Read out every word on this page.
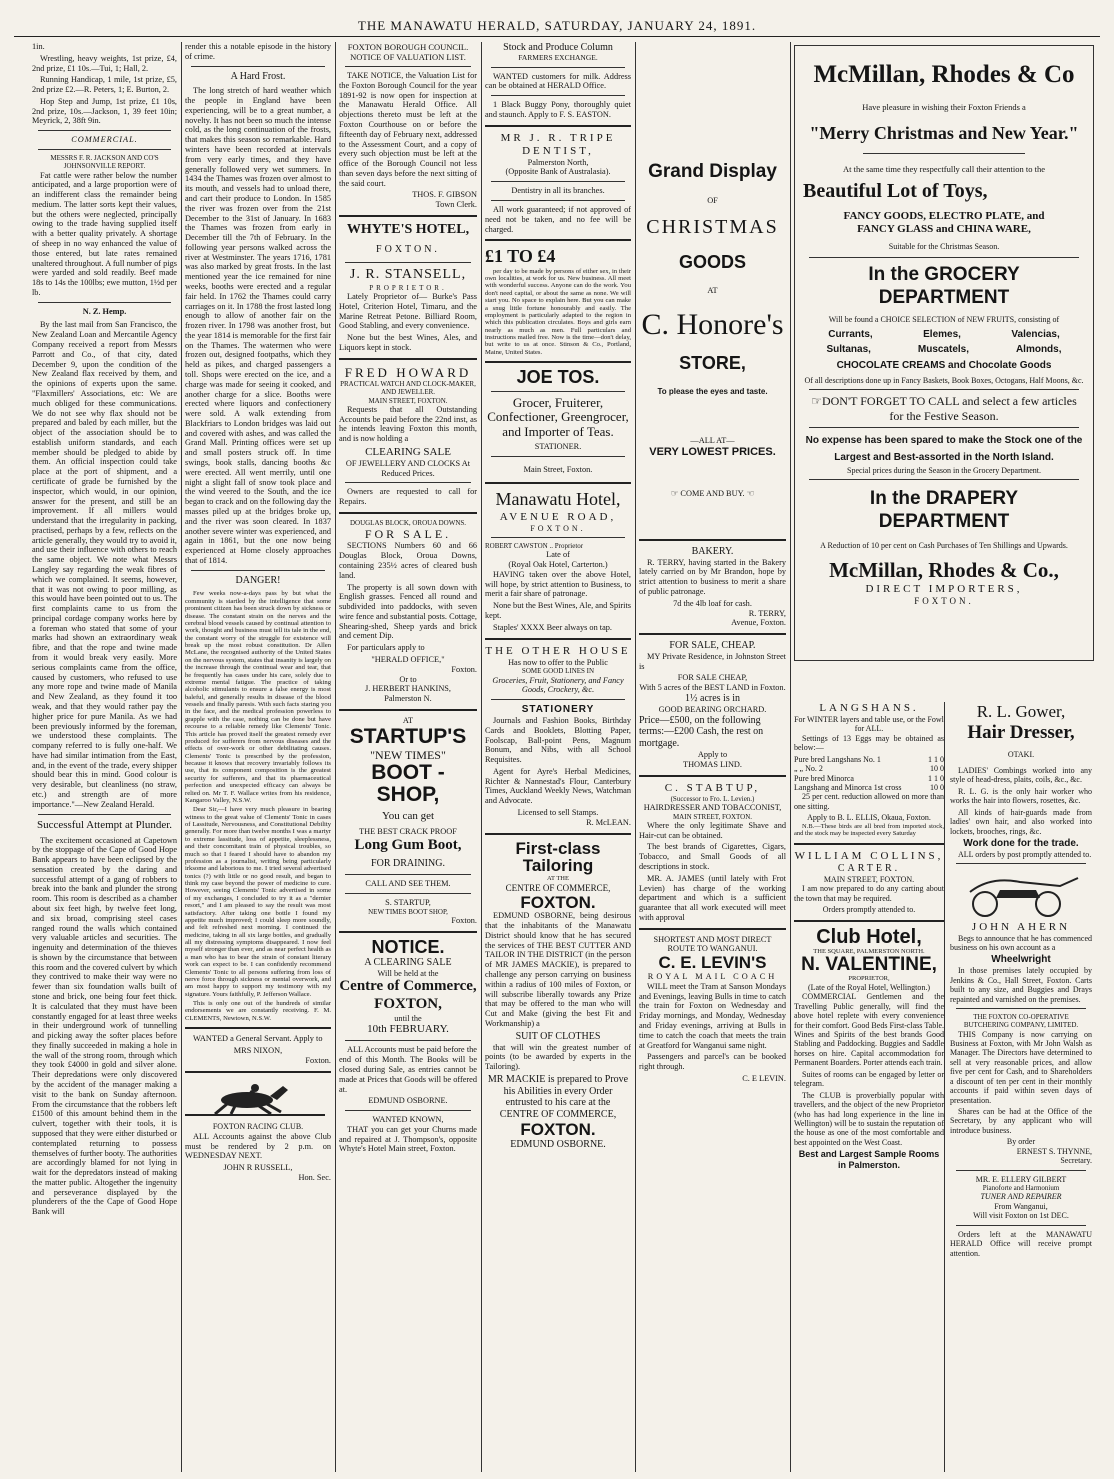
THE MANAWATU HERALD, SATURDAY, JANUARY 24, 1891.

1in.

Wrestling, heavy weights, 1st prize, £4, 2nd prize, £1 10s.—Tui, 1; Hall, 2.

Running Handicap, 1 mile, 1st prize, £5, 2nd prize £2.—R. Peters, 1; E. Burton, 2.

Hop Step and Jump, 1st prize, £1 10s, 2nd prize, 10s.—Jackson, 1, 39 feet 10in; Meyrick, 2, 38ft 9in.

COMMERCIAL.
MESSRS F. R. JACKSON AND CO'S JOHNSONVILLE REPORT.

Fat cattle were rather below the number anticipated, and a large proportion were of an indifferent class the remainder being medium. The latter sorts kept their values, but the others were neglected, principally owing to the trade having supplied itself with a better quality privately. A shortage of sheep in no way enhanced the value of those entered, but late rates remained unaltered throughout. A full number of pigs were yarded and sold readily. Beef made 18s to 14s the 100lbs; ewe mutton, 1½d per lb.

N. Z. Hemp.

By the last mail from San Francisco, the New Zealand Loan and Mercantile Agency Company received a report from Messrs Parrott and Co., of that city, dated December 9, upon the condition of the New Zealand flax received by them, and the opinions of experts upon the same. "Flaxmillers' Associations, etc: We are much obliged for these communications. We do not see why flax should not be prepared and baled by each miller, but the object of the association should be to establish uniform standards, and each member should be pledged to abide by them. An official inspection could take place at the port of shipment, and a certificate of grade be furnished by the inspector, which would, in our opinion, answer for the present, and still be an improvement. If all millers would understand that the irregularity in packing, practised, perhaps by a few, reflects on the article generally, they would try to avoid it, and use their influence with others to reach the same object. We note what Messrs Langley say regarding the weak fibres of which we complained. It seems, however, that it was not owing to poor milling, as this would have been pointed out to us. The first complaints came to us from the principal cordage company works here by a foreman who stated that some of your marks had shown an extraordinary weak fibre, and that the rope and twine made from it would break very easily. More serious complaints came from the office, caused by customers, who refused to use any more rope and twine made of Manila and New Zealand, as they found it too weak, and that they would rather pay the higher price for pure Manila. As we had been previously informed by the foreman, we understood these complaints. The company referred to is fully one-half. We have had similar intimation from the East, and, in the event of the trade, every shipper should bear this in mind. Good colour is very desirable, but cleanliness (no straw, etc.) and strength are of more importance."—New Zealand Herald.

Successful Attempt at Plunder.

The excitement occasioned at Capetown by the stoppage of the Cape of Good Hope Bank appears to have been eclipsed by the sensation created by the daring and successful attempt of a gang of robbers to break into the bank and plunder the strong room. This room is described as a chamber about six feet high, by twelve feet long, and six broad, comprising steel cases ranged round the walls which contained very valuable articles and securities. The ingenuity and determination of the thieves is shown by the circumstance that between this room and the covered culvert by which they contrived to make their way were no fewer than six foundation walls built of stone and brick, one being four feet thick. It is calculated that they must have been constantly engaged for at least three weeks in their underground work of tunnelling and picking away the softer places before they finally succeeded in making a hole in the wall of the strong room, through which they took £4000 in gold and silver alone. Their depredations were only discovered by the accident of the manager making a visit to the bank on Sunday afternoon. From the circumstance that the robbers left £1500 of this amount behind them in the culvert, together with their tools, it is supposed that they were either disturbed or contemplated returning to possess themselves of further booty. The authorities are accordingly blamed for not lying in wait for the depredators instead of making the matter public. Altogether the ingenuity and perseverance displayed by the plunderers of the the Cape of Good Hope Bank will

render this a notable episode in the history of crime.

A Hard Frost.

The long stretch of hard weather which the people in England have been experiencing, will be to a great number, a novelty. It has not been so much the intense cold, as the long continuation of the frosts, that makes this season so remarkable. Hard winters have been recorded at intervals from very early times, and they have generally followed very wet summers. In 1434 the Thames was frozen over almost to its mouth, and vessels had to unload there, and cart their produce to London. In 1585 the river was frozen over from the 21st December to the 31st of January. In 1683 the Thames was frozen from early in December till the 7th of February. In the following year persons walked across the river at Westminster. The years 1716, 1781 was also marked by great frosts. In the last mentioned year the ice remained for nine weeks, booths were erected and a regular fair held. In 1762 the Thames could carry carriages on it. In 1788 the frost lasted long enough to allow of another fair on the frozen river. In 1798 was another frost, but the year 1814 is memorable for the first fair on the Thames. The watermen who were frozen out, designed footpaths, which they held as pikes, and charged passengers a toll. Shops were erected on the ice, and a charge was made for seeing it cooked, and another charge for a slice. Booths were erected where liquors and confectionery were sold. A walk extending from Blackfriars to London bridges was laid out and covered with ashes, and was called the Grand Mall. Printing offices were set up and small posters struck off. In time swings, book stalls, dancing booths &c were erected. All went merrily, until one night a slight fall of snow took place and the wind veered to the South, and the ice began to crack and on the following day the masses piled up at the bridges broke up, and the river was soon cleared. In 1837 another severe winter was experienced, and again in 1861, but the one now being experienced at Home closely approaches that of 1814.

DANGER!

Few weeks now-a-days pass by but what the community is startled by the intelligence that some prominent citizen has been struck down by sickness or disease. The constant strain on the nerves and the cerebral blood vessels caused by continual attention to work, thought and business must tell its tale in the end, the constant worry of the struggle for existence will break up the most robust constitution. Dr Allen McLane, the recognised authority of the United States on the nervous system, states that insanity is largely on the increase through the continual wear and tear, that he frequently has cases under his care, solely due to extreme mental fatigue. The practice of taking alcoholic stimulants to ensure a false energy is most baleful, and generally results in disease of the blood vessels and finally paresis. With such facts staring you in the face, and the medical profession powerless to grapple with the case, nothing can be done but have recourse to a reliable remedy like Clements' Tonic. This article has proved itself the greatest remedy ever produced for sufferers from nervous diseases and the effects of over-work or other debilitating causes. Clements' Tonic is prescribed by the profession, because it knows that recovery invariably follows its use, that its component composition is the greatest security for sufferers, and that its pharmaceutical perfection and unexpected efficacy can always be relied on. Mr T. F. Wallace writes from his residence, Kangaroo Valley, N.S.W.

Dear Sir,—I have very much pleasure in bearing witness to the great value of Clements' Tonic in cases of Lassitude, Nervousness, and Constitutional Debility generally. For more than twelve months I was a martyr to extreme lassitude, loss of appetite, sleeplessness, and their concomitant train of physical troubles, so much so that I feared I should have to abandon my profession as a journalist, writing being particularly irksome and laborious to me. I tried several advertised tonics (?) with little or no good result, and began to think my case beyond the power of medicine to cure. However, seeing Clements' Tonic advertised in some of my exchanges, I concluded to try it as a "dernier resort," and I am pleased to say the result was most satisfactory. After taking one bottle I found my appetite much improved; I could sleep more soundly, and felt refreshed next morning. I continued the medicine, taking in all six large bottles, and gradually all my distressing symptoms disappeared. I now feel myself stronger than ever, and as near perfect health as a man who has to bear the strain of constant literary work can expect to be. I can confidently recommend Clements' Tonic to all persons suffering from loss of nerve force through sickness or mental overwork, and am most happy to support my testimony with my signature. Yours faithfully, P. Jefferson Wallace.

This is only one out of the hundreds of similar endorsements we are constantly receiving. F. M. CLEMENTS, Newtown, N.S.W.

WANTED a General Servant. Apply to

MRS NIXON,
Foxton.
FOXTON RACING CLUB.

ALL Accounts against the above Club must be rendered by 2 p.m. on WEDNESDAY NEXT.

JOHN R RUSSELL,
Hon. Sec.
FOXTON BOROUGH COUNCIL. NOTICE OF VALUATION LIST.

TAKE NOTICE, the Valuation List for the Foxton Borough Council for the year 1891-92 is now open for inspection at the Manawatu Herald Office. All objections thereto must be left at the Foxton Courthouse on or before the fifteenth day of February next, addressed to the Assessment Court, and a copy of every such objection must be left at the office of the Borough Council not less than seven days before the next sitting of the said court.

THOS. F. GIBSON
Town Clerk.
WHYTE'S HOTEL,
FOXTON.
J. R. STANSELL,
PROPRIETOR.

Lately Proprietor of— Burke's Pass Hotel, Criterion Hotel, Timaru, and the Marine Retreat Petone. Billiard Room, Good Stabling, and every convenience.

None but the best Wines, Ales, and Liquors kept in stock.

FRED HOWARD
PRACTICAL WATCH AND CLOCK-MAKER, AND JEWELLER.
MAIN STREET, FOXTON.

Requests that all Outstanding Accounts be paid before the 22nd inst, as he intends leaving Foxton this month, and is now holding a

CLEARING SALE
OF JEWELLERY AND CLOCKS At Reduced Prices.

Owners are requested to call for Repairs.

DOUGLAS BLOCK, OROUA DOWNS.
FOR SALE.

SECTIONS Numbers 60 and 66 Douglas Block, Oroua Downs, containing 235½ acres of cleared bush land.

The property is all sown down with English grasses. Fenced all round and subdivided into paddocks, with seven wire fence and substantial posts. Cottage, Shearing-shed, Sheep yards and brick and cement Dip.

For particulars apply to

"HERALD OFFICE,"
Foxton.
Or to
J. HERBERT HANKINS,
Palmerston N.
AT
STARTUP'S
"NEW TIMES"
BOOT - SHOP,
You can get
THE BEST CRACK PROOF
Long Gum Boot,
FOR DRAINING.
CALL AND SEE THEM.
S. STARTUP,
NEW TIMES BOOT SHOP,
Foxton.
NOTICE.
A CLEARING SALE
Will be held at the
Centre of Commerce,
FOXTON,
until the
10th FEBRUARY.

ALL Accounts must be paid before the end of this Month. The Books will be closed during Sale, as entries cannot be made at Prices that Goods will be offered at.

EDMUND OSBORNE.
WANTED KNOWN,

THAT you can get your Churns made and repaired at J. Thompson's, opposite Whyte's Hotel Main street, Foxton.

Stock and Produce Column
FARMERS EXCHANGE.

WANTED customers for milk. Address can be obtained at HERALD Office.

1 Black Buggy Pony, thoroughly quiet and staunch. Apply to F. S. EASTON.

MR J. R. TRIPE
DENTIST,
Palmerston North,
(Opposite Bank of Australasia).
Dentistry in all its branches.

All work guaranteed; if not approved of need not be taken, and no fee will be charged.

£1 TO £4

per day to be made by persons of either sex, in their own localities, at work for us. New business. All meet with wonderful success. Anyone can do the work. You don't need capital, or about the same as none. We will start you. No space to explain here. But you can make a snug little fortune honourably and easily. The employment is particularly adapted to the region in which this publication circulates. Boys and girls earn nearly as much as men. Full particulars and instructions mailed free. Now is the time—don't delay, but write to us at once. Stinson & Co., Portland, Maine, United States.

JOE TOS.
Grocer, Fruiterer, Confectioner, Greengrocer, and Importer of Teas.
STATIONER.
Main Street, Foxton.
Manawatu Hotel,
AVENUE ROAD,
FOXTON.
ROBERT CAWSTON .. Proprietor
Late of
(Royal Oak Hotel, Carterton.)

HAVING taken over the above Hotel, will hope, by strict attention to Business, to merit a fair share of patronage.

None but the Best Wines, Ale, and Spirits kept.

Staples' XXXX Beer always on tap.

THE OTHER HOUSE
Has now to offer to the Public
SOME GOOD LINES IN
Groceries, Fruit, Stationery, and Fancy Goods, Crockery, &c.
STATIONERY

Journals and Fashion Books, Birthday Cards and Booklets, Blotting Paper, Foolscap, Ball-point Pens, Magnum Bonum, and Nibs, with all School Requisites.

Agent for Ayre's Herbal Medicines, Richter & Nannestad's Flour, Canterbury Times, Auckland Weekly News, Watchman and Advocate.

Licensed to sell Stamps.
R. McLEAN.
First-class Tailoring
AT THE
CENTRE OF COMMERCE,
FOXTON.

EDMUND OSBORNE, being desirous that the inhabitants of the Manawatu District should know that he has secured the services of THE BEST CUTTER AND TAILOR IN THE DISTRICT (in the person of MR JAMES MACKIE), is prepared to challenge any person carrying on business within a radius of 100 miles of Foxton, or will subscribe liberally towards any Prize that may be offered to the man who will Cut and Make (giving the best Fit and Workmanship) a

SUIT OF CLOTHES

that will win the greatest number of points (to be awarded by experts in the Tailoring).

MR MACKIE is prepared to Prove his Abilities in every Order entrusted to his care at the
CENTRE OF COMMERCE,
FOXTON.
EDMUND OSBORNE.
Grand Display
OF
CHRISTMAS
GOODS
AT
C. Honore's
STORE,
To please the eyes and taste.
—ALL AT—
VERY LOWEST PRICES.
☞ COME AND BUY. ☜
BAKERY.

R. TERRY, having started in the Bakery lately carried on by Mr Brandon, hope by strict attention to business to merit a share of public patronage.

7d the 4lb loaf for cash.
R. TERRY,
Avenue, Foxton.
FOR SALE, CHEAP.

MY Private Residence, in Johnston Street is

FOR SALE CHEAP,
With 5 acres of the BEST LAND in Foxton.
1½ acres is in
GOOD BEARING ORCHARD.
Price—£500, on the following terms:—£200 Cash, the rest on mortgage.
Apply to
THOMAS LIND.
C. STABTUP,
(Successor to Fro. L. Levien.)
HAIRDRESSER AND TOBACCONIST,
MAIN STREET, FOXTON.

Where the only legitimate Shave and Hair-cut can be obtained.

The best brands of Cigarettes, Cigars, Tobacco, and Small Goods of all descriptions in stock.

MR. A. JAMES (until lately with Frot Levien) has charge of the working department and which is a sufficient guarantee that all work executed will meet with approval

SHORTEST AND MOST DIRECT ROUTE TO WANGANUI.
C. E. LEVIN'S
ROYAL MAIL COACH

WILL meet the Tram at Sanson Mondays and Evenings, leaving Bulls in time to catch the train for Foxton on Wednesday and Friday mornings, and Monday, Wednesday and Friday evenings, arriving at Bulls in time to catch the coach that meets the train at Greatford for Wanganui same night.

Passengers and parcel's can be booked right through.

C. E LEVIN.
McMillan, Rhodes & Co
Have pleasure in wishing their Foxton Friends a
"Merry Christmas and New Year."
At the same time they respectfully call their attention to the
Beautiful Lot of Toys,
FANCY GOODS, ELECTRO PLATE, and
FANCY GLASS and CHINA WARE,
Suitable for the Christmas Season.
In the GROCERY DEPARTMENT
Will be found a CHOICE SELECTION of NEW FRUITS, consisting of
Currants,	Elemes,	Valencias,
Sultanas,	Muscatels,	Almonds,
CHOCOLATE CREAMS and Chocolate Goods
Of all descriptions done up in Fancy Baskets, Book Boxes, Octogans, Half Moons, &c.
☞DON'T FORGET TO CALL and select a few articles for the Festive Season.
No expense has been spared to make the Stock one of the Largest and Best-assorted in the North Island.
Special prices during the Season in the Grocery Department.
In the DRAPERY DEPARTMENT
A Reduction of 10 per cent on Cash Purchases of Ten Shillings and Upwards.
McMillan, Rhodes & Co.,
DIRECT IMPORTERS,
FOXTON.
LANGSHANS.
For WINTER layers and table use, or the Fowl for ALL.

Settings of 13 Eggs may be obtained as below:—

Pure bred Langshans No. 1	1 1 0
„ „ No. 2	10 0
Pure bred Minorca	1 1 0
Langshang and Minorca 1st cross	10 0

25 per cent. reduction allowed on more than one sitting.

Apply to B. L. ELLIS, Okaua, Foxton.

N.B.—These birds are all bred from imported stock, and the stock may be inspected every Saturday

WILLIAM COLLINS,
CARTER.
MAIN STREET, FOXTON.

I am now prepared to do any carting about the town that may be required.

Orders promptly attended to.
Club Hotel,
THE SQUARE, PALMERSTON NORTH.
N. VALENTINE,
PROPRIETOR,
(Late of the Royal Hotel, Wellington.)

COMMERCIAL Gentlemen and the Travelling Public generally, will find the above hotel replete with every convenience for their comfort. Good Beds First-class Table. Wines and Spirits of the best brands Good Stabling and Paddocking. Buggies and Saddle horses on hire. Capital accommodation for Permanent Boarders. Porter attends each train.

Suites of rooms can be engaged by letter or telegram.

The CLUB is proverbially popular with travellers, and the object of the new Proprietor (who has had long experience in the line in Wellington) will be to sustain the reputation of the house as one of the most comfortable and best appointed on the West Coast.

Best and Largest Sample Rooms in Palmerston.
R. L. Gower,
Hair Dresser,
OTAKI.

LADIES' Combings worked into any style of head-dress, plaits, coils, &c., &c.

R. L. G. is the only hair worker who works the hair into flowers, rosettes, &c.

All kinds of hair-guards made from ladies' own hair, and also worked into lockets, brooches, rings, &c.

Work done for the trade.

ALL orders by post promptly attended to.

JOHN AHERN

Begs to announce that he has commenced business on his own account as a

Wheelwright

In those premises lately occupied by Jenkins & Co., Hall Street, Foxton. Carts built to any size, and Buggies and Drays repainted and varnished on the premises.

THE FOXTON CO-OPERATIVE BUTCHERING COMPANY, LIMITED.

THIS Company is now carrying on Business at Foxton, with Mr John Walsh as Manager. The Directors have determined to sell at very reasonable prices, and allow five per cent for Cash, and to Shareholders a discount of ten per cent in their monthly accounts if paid within seven days of presentation.

Shares can be had at the Office of the Secretary, by any applicant who will introduce business.

By order
ERNEST S. THYNNE,
Secretary.
MR. E. ELLERY GILBERT
Pianoforte and Harmonium
TUNER AND REPAIRER
From Wanganui,
Will visit Foxton on 1st DEC.

Orders left at the MANAWATU HERALD Office will receive prompt attention.
